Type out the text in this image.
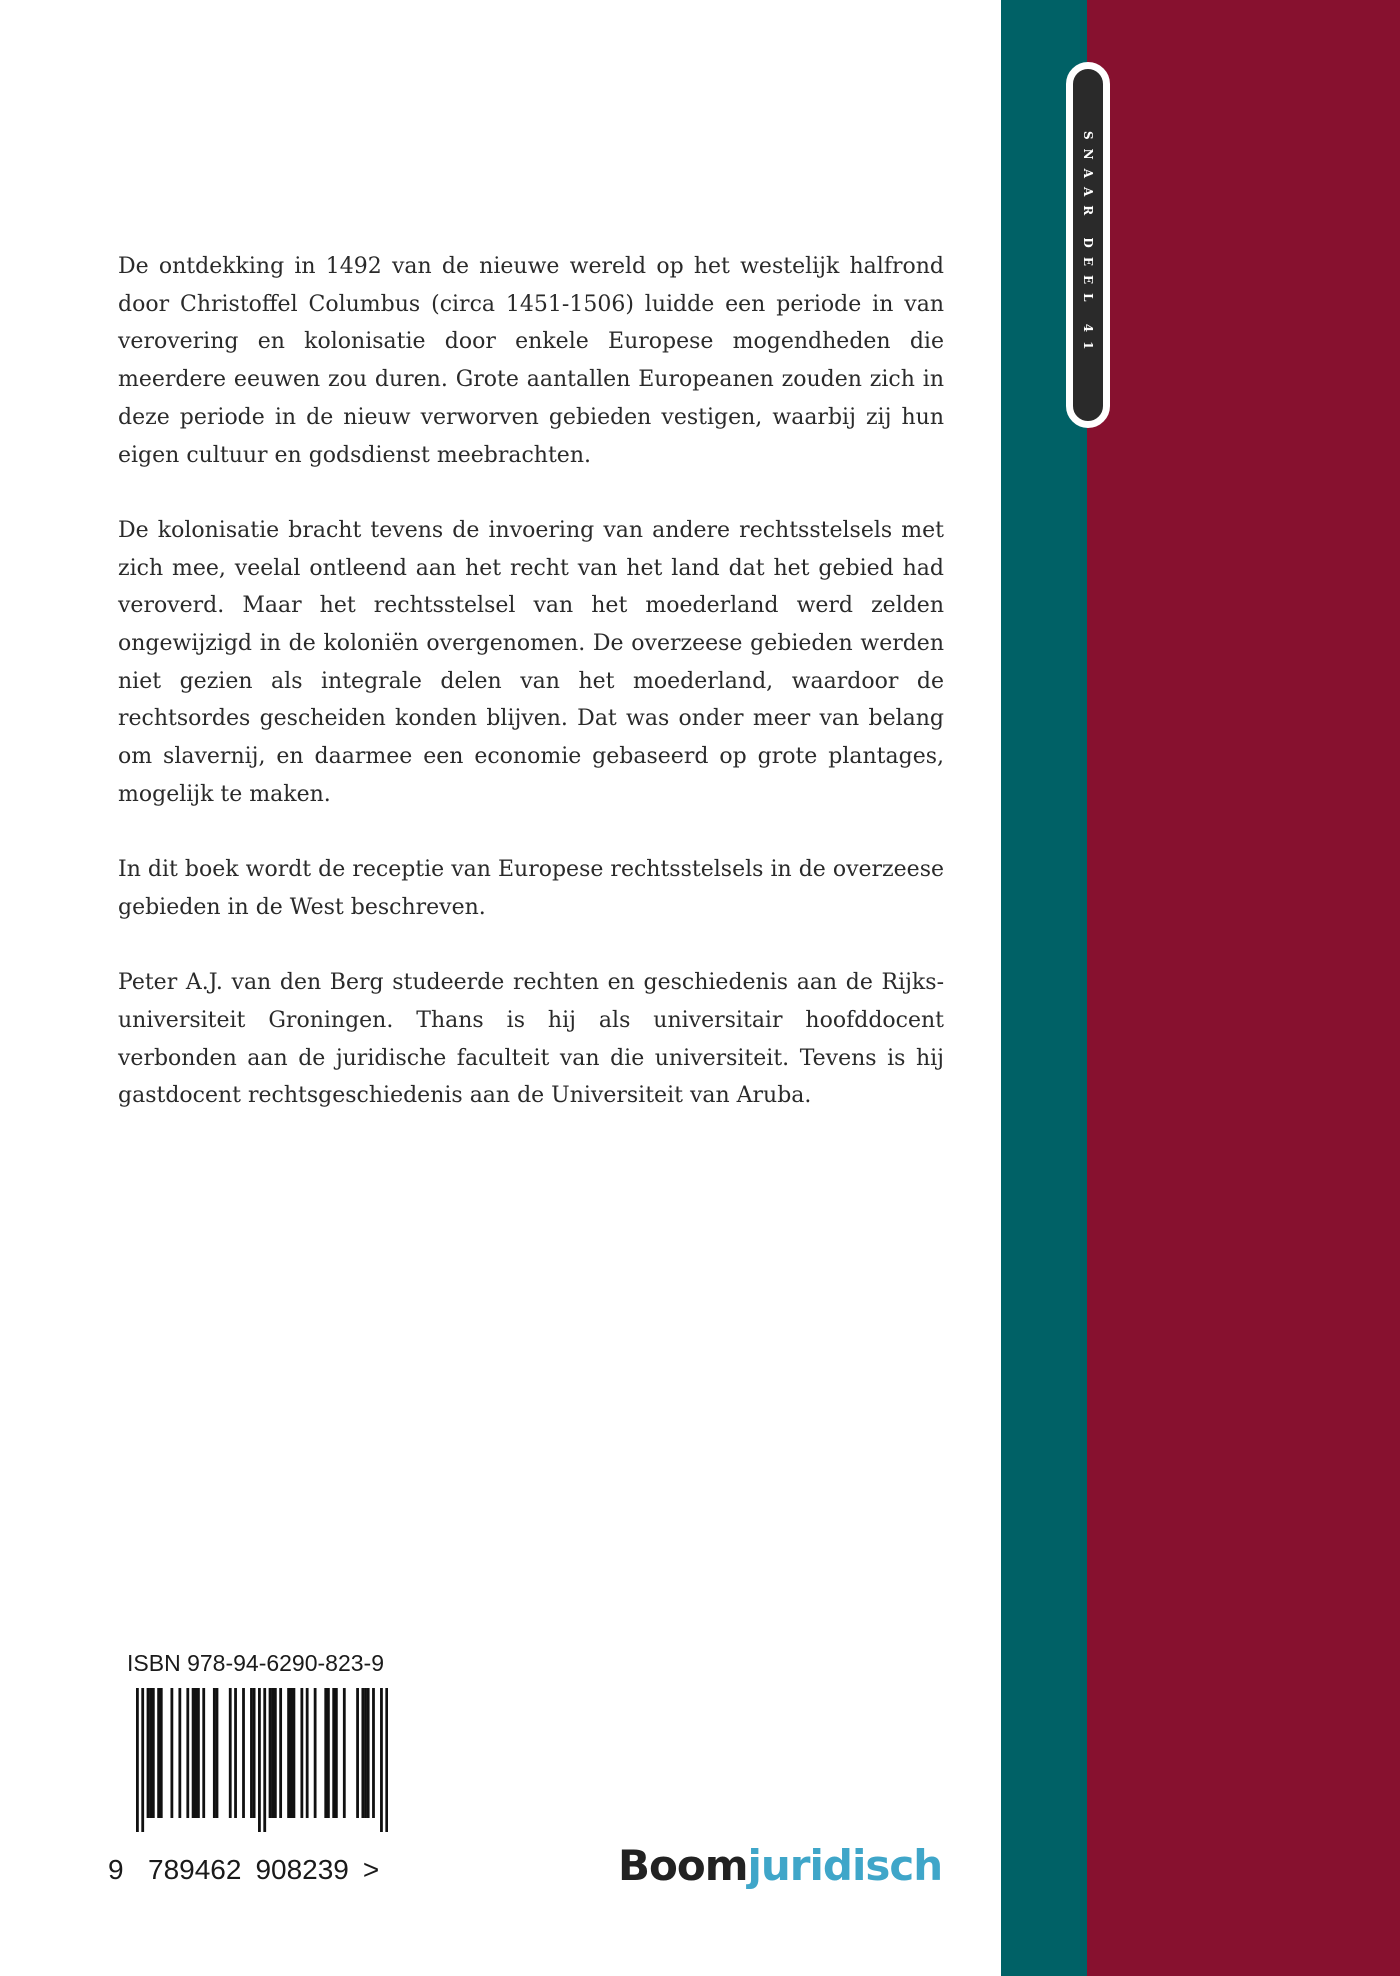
SNAAR DEEL 41

De ontdekking in 1492 van de nieuwe wereld op het westelijk halfrond door Christoffel Columbus (circa 1451-1506) luidde een periode in van verovering en kolonisatie door enkele Europese mogendheden die meerdere eeuwen zou duren. Grote aantallen Europeanen zouden zich in deze periode in de nieuw verworven gebieden vestigen, waarbij zij hun eigen cultuur en godsdienst meebrachten.

De kolonisatie bracht tevens de invoering van andere rechtsstelsels met zich mee, veelal ontleend aan het recht van het land dat het gebied had veroverd. Maar het rechtsstelsel van het moederland werd zelden ongewijzigd in de koloniën overgenomen. De overzeese gebieden werden niet gezien als integrale delen van het moederland, waardoor de rechtsordes gescheiden konden blijven. Dat was onder meer van belang om slavernij, en daarmee een economie gebaseerd op grote plantages, mogelijk te maken.

In dit boek wordt de receptie van Europese rechtsstelsels in de overzeese gebieden in de West beschreven.

Peter A.J. van den Berg studeerde rechten en geschiedenis aan de Rijksuniversiteit Groningen. Thans is hij als universitair hoofddocent verbonden aan de juridische faculteit van die universiteit. Tevens is hij gastdocent rechtsgeschiedenis aan de Universiteit van Aruba.

ISBN 978-94-6290-823-9
9 789462 908239 >	Boomjuridisch
